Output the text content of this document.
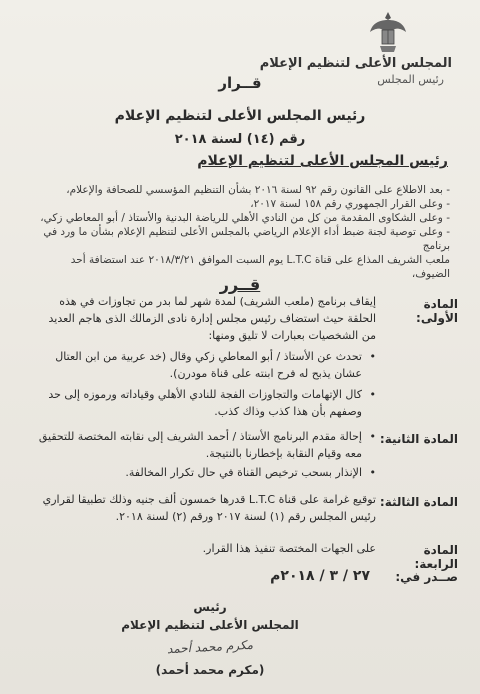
المجلس الأعلى لتنظيم الإعلام
رئيس المجلس
قــرار
رئيس المجلس الأعلى لتنظيم الإعلام
رقم (١٤) لسنة ٢٠١٨
رئيس المجلس الأعلى لتنظيم الإعلام
- بعد الاطلاع على القانون رقم ٩٢ لسنة ٢٠١٦ بشأن التنظيم المؤسسي للصحافة والإعلام،
- وعلى القرار الجمهوري رقم ١٥٨ لسنة ٢٠١٧،
- وعلى الشكاوى المقدمة من كل من النادي الأهلي للرياضة البدنية والأستاذ / أبو المعاطي زكي،
- وعلى توصية لجنة ضبط أداء الإعلام الرياضي بالمجلس الأعلى لتنظيم الإعلام بشأن ما ورد في برنامج
ملعب الشريف المذاع على قناة L.T.C يوم السبت الموافق ٢٠١٨/٣/٢١ عند استضافة أحد الضيوف،
قــرر
المادة الأولى:
إيقاف برنامج (ملعب الشريف) لمدة شهر لما بدر من تجاوزات في هذه الحلقة حيث استضاف رئيس مجلس إدارة نادى الزمالك الذى هاجم العديد من الشخصيات بعبارات لا تليق ومنها:
• تحدث عن الأستاذ / أبو المعاطي زكي وقال (خد عربية من ابن العتال عشان يذبح له فرح ابنته على قناة مودرن).
• كال الإتهامات والتجاوزات الفجة للنادي الأهلي وقياداته ورموزه إلى حد وصفهم بأن هذا كذب وذاك كذب.
المادة الثانية:
• إحالة مقدم البرنامج الأستاذ / أحمد الشريف إلى نقابته المختصة للتحقيق معه وقيام النقابة بإخطارنا بالنتيجة.
• الإنذار بسحب ترخيص القناة في حال تكرار المخالفة.
المادة الثالثة:
توقيع غرامة على قناة L.T.C قدرها خمسون ألف جنيه وذلك تطبيقا لقراري رئيس المجلس رقم (١) لسنة ٢٠١٧ ورقم (٢) لسنة ٢٠١٨.
المادة الرابعة:
على الجهات المختصة تنفيذ هذا القرار.
صــدر في:
٢٧ / ٣ / ٢٠١٨م
رئيس
المجلس الأعلى لتنظيم الإعلام
مكرم محمد أحمد
(مكرم محمد أحمد)
